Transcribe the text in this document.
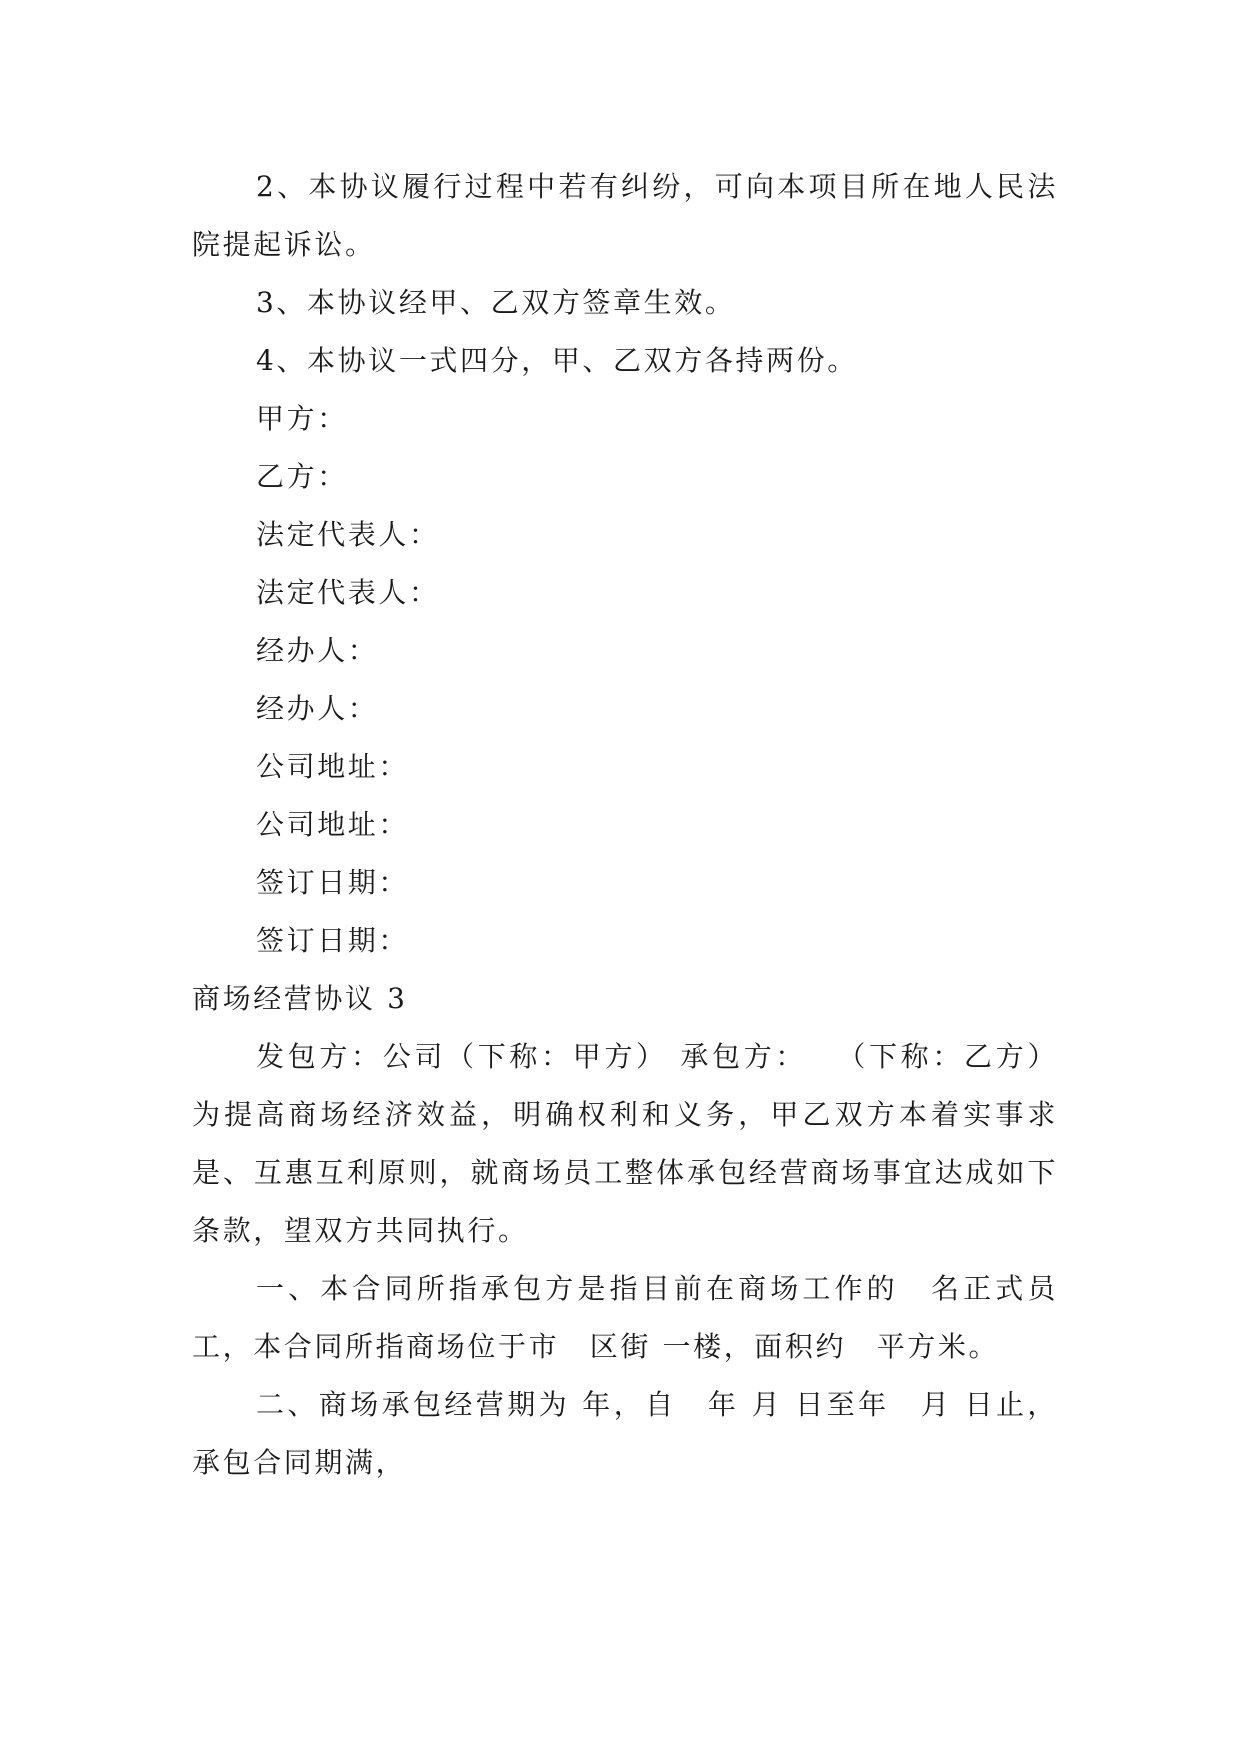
2、本协议履行过程中若有纠纷，可向本项目所在地人民法院提起诉讼。

3、本协议经甲、乙双方签章生效。

4、本协议一式四分，甲、乙双方各持两份。

甲方：

乙方：

法定代表人：

法定代表人：

经办人：

经办人：

公司地址：

公司地址：

签订日期：

签订日期：

商场经营协议 3

发包方：公司（下称：甲方） 承包方：　 （下称：乙方） 为提高商场经济效益，明确权利和义务，甲乙双方本着实事求是、互惠互利原则，就商场员工整体承包经营商场事宜达成如下条款，望双方共同执行。

一、本合同所指承包方是指目前在商场工作的　名正式员工，本合同所指商场位于市　区街 一楼，面积约　平方米。

二、商场承包经营期为 年，自　年 月 日至年　月 日止，承包合同期满，
